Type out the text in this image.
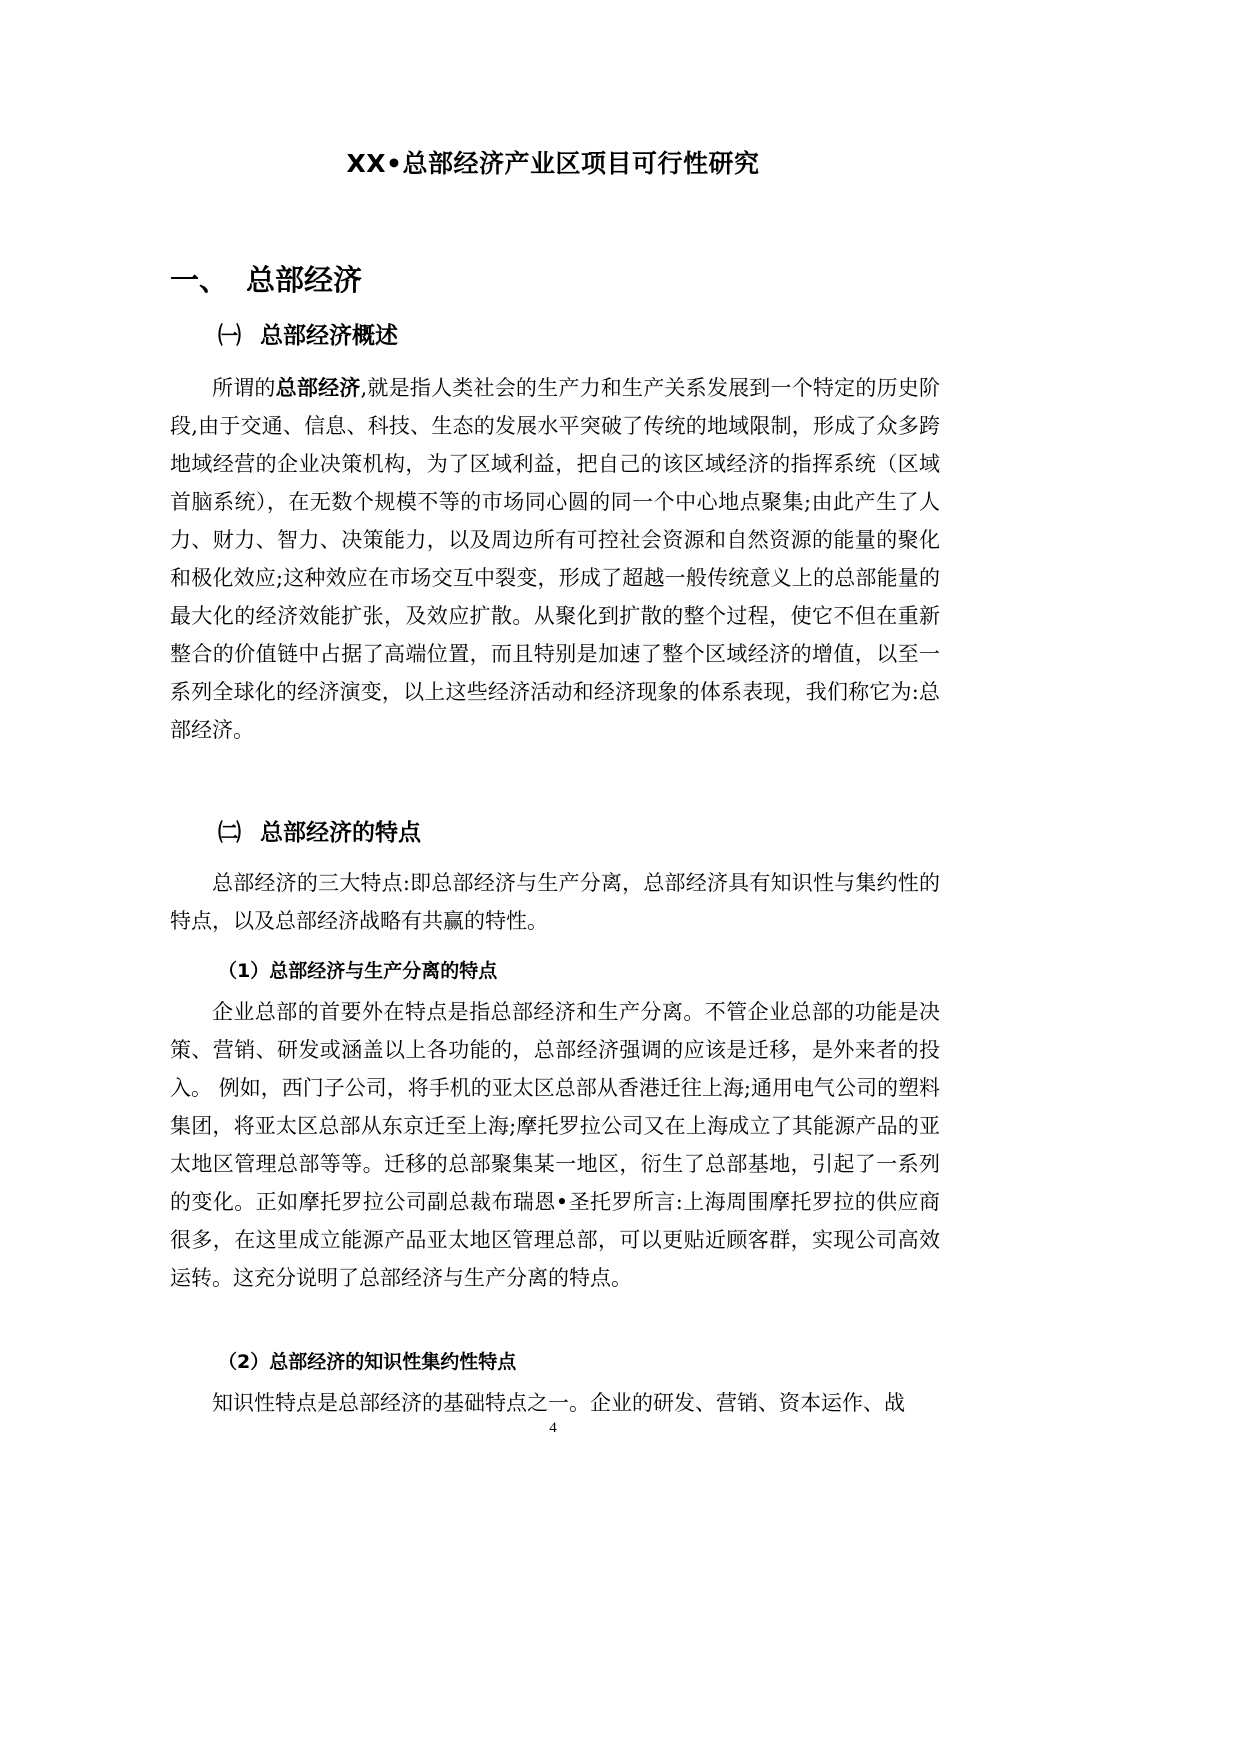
XX•总部经济产业区项目可行性研究
一、 总部经济
㈠ 总部经济概述

所谓的总部经济,就是指人类社会的生产力和生产关系发展到一个特定的历史阶段,由于交通、信息、科技、生态的发展水平突破了传统的地域限制，形成了众多跨地域经营的企业决策机构，为了区域利益，把自己的该区域经济的指挥系统（区域首脑系统），在无数个规模不等的市场同心圆的同一个中心地点聚集;由此产生了人力、财力、智力、决策能力，以及周边所有可控社会资源和自然资源的能量的聚化和极化效应;这种效应在市场交互中裂变，形成了超越一般传统意义上的总部能量的最大化的经济效能扩张，及效应扩散。从聚化到扩散的整个过程，使它不但在重新整合的价值链中占据了高端位置，而且特别是加速了整个区域经济的增值，以至一系列全球化的经济演变，以上这些经济活动和经济现象的体系表现，我们称它为:总部经济。

㈡ 总部经济的特点

总部经济的三大特点:即总部经济与生产分离，总部经济具有知识性与集约性的特点，以及总部经济战略有共赢的特性。

（1）总部经济与生产分离的特点

企业总部的首要外在特点是指总部经济和生产分离。不管企业总部的功能是决策、营销、研发或涵盖以上各功能的，总部经济强调的应该是迁移，是外来者的投入。 例如，西门子公司，将手机的亚太区总部从香港迁往上海;通用电气公司的塑料集团，将亚太区总部从东京迁至上海;摩托罗拉公司又在上海成立了其能源产品的亚太地区管理总部等等。迁移的总部聚集某一地区，衍生了总部基地，引起了一系列的变化。正如摩托罗拉公司副总裁布瑞恩•圣托罗所言:上海周围摩托罗拉的供应商很多，在这里成立能源产品亚太地区管理总部，可以更贴近顾客群，实现公司高效运转。这充分说明了总部经济与生产分离的特点。

（2）总部经济的知识性集约性特点

知识性特点是总部经济的基础特点之一。企业的研发、营销、资本运作、战

4
